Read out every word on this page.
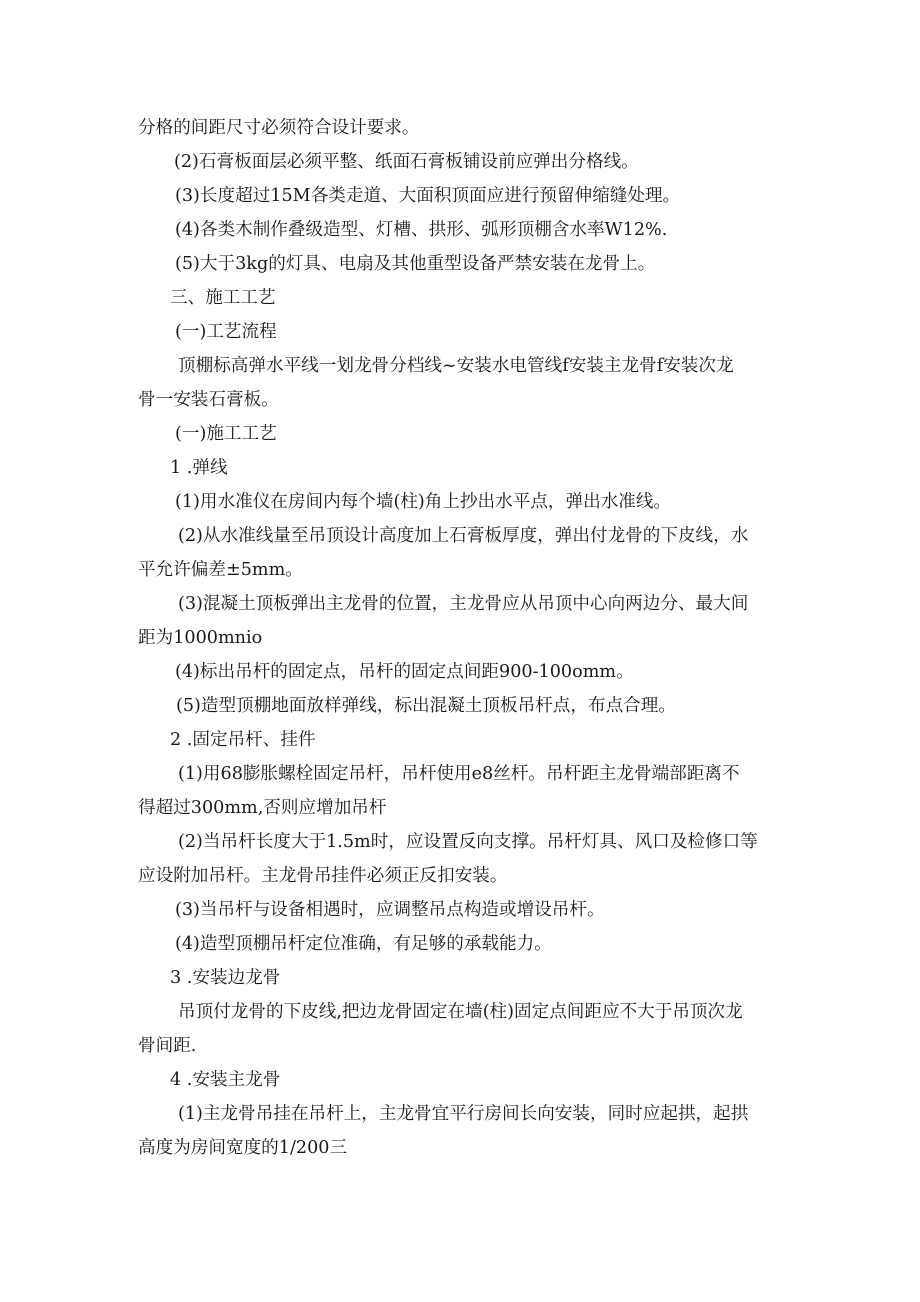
分格的间距尺寸必须符合设计要求。
(2)石膏板面层必须平整、纸面石膏板铺设前应弹出分格线。
(3)长度超过15M各类走道、大面积顶面应进行预留伸缩缝处理。
(4)各类木制作叠级造型、灯槽、拱形、弧形顶棚含水率W12%.
(5)大于3kg的灯具、电扇及其他重型设备严禁安装在龙骨上。
三、施工工艺
(一)工艺流程
顶棚标高弹水平线一划龙骨分档线~安装水电管线f安装主龙骨f安装次龙
骨一安装石膏板。
(一)施工工艺
1 .弹线
(1)用水准仪在房间内每个墙(柱)角上抄出水平点，弹出水准线。
(2)从水准线量至吊顶设计高度加上石膏板厚度，弹出付龙骨的下皮线，水
平允许偏差±5mm。
(3)混凝土顶板弹出主龙骨的位置，主龙骨应从吊顶中心向两边分、最大间
距为1000mnio
(4)标出吊杆的固定点，吊杆的固定点间距900-100omm。
(5)造型顶棚地面放样弹线，标出混凝土顶板吊杆点，布点合理。
2 .固定吊杆、挂件
(1)用68膨胀螺栓固定吊杆，吊杆使用e8丝杆。吊杆距主龙骨端部距离不
得超过300mm,否则应增加吊杆
(2)当吊杆长度大于1.5m时，应设置反向支撑。吊杆灯具、风口及检修口等
应设附加吊杆。主龙骨吊挂件必须正反扣安装。
(3)当吊杆与设备相遇时，应调整吊点构造或增设吊杆。
(4)造型顶棚吊杆定位准确，有足够的承载能力。
3 .安装边龙骨
吊顶付龙骨的下皮线,把边龙骨固定在墙(柱)固定点间距应不大于吊顶次龙
骨间距.
4 .安装主龙骨
(1)主龙骨吊挂在吊杆上，主龙骨宜平行房间长向安装，同时应起拱，起拱
高度为房间宽度的1/200三
